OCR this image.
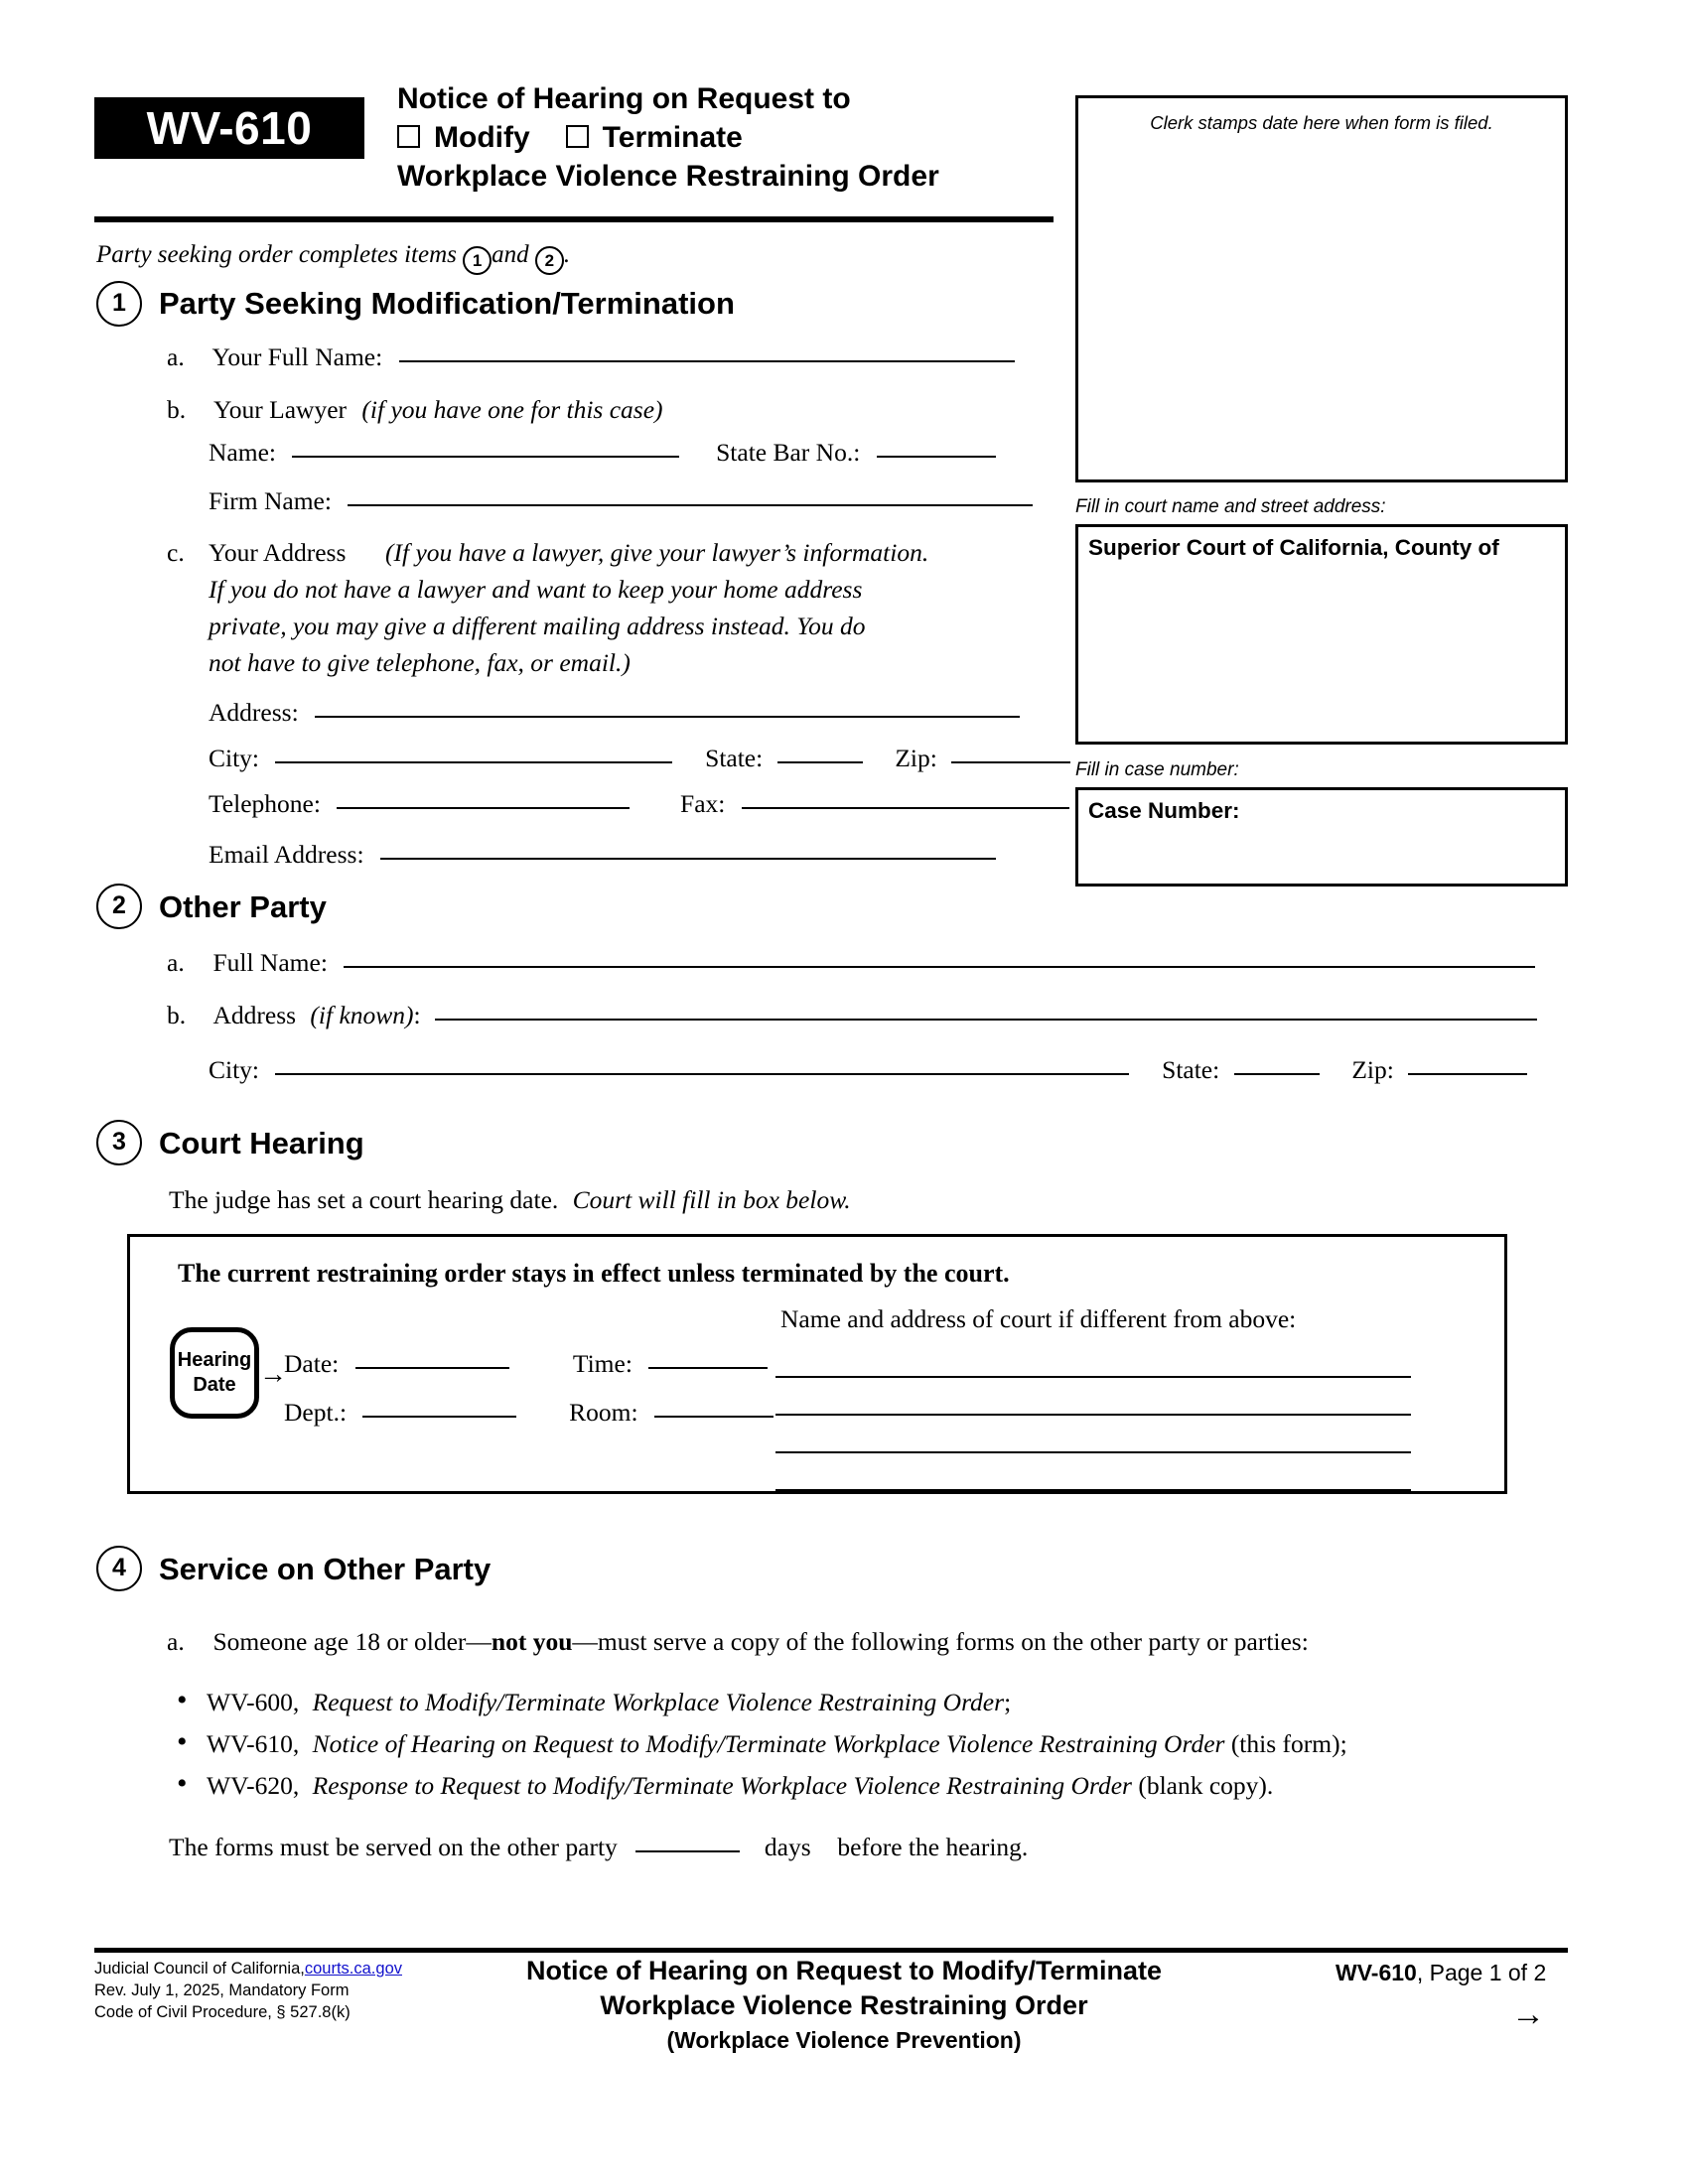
WV-610
Notice of Hearing on Request to
Modify Terminate
Workplace Violence Restraining Order
Clerk stamps date here when form is filed.
Fill in court name and street address:
Superior Court of California, County of
Fill in case number:
Case Number:
Party seeking order completes items 1 and 2 .
1	Party Seeking Modification/Termination
a. Your Full Name:
b. Your Lawyer (if you have one for this case)
Name:	State Bar No.:
Firm Name:
c. Your Address (If you have a lawyer, give your lawyer’s information.
If you do not have a lawyer and want to keep your home address
private, you may give a different mailing address instead. You do
not have to give telephone, fax, or email.)
Address:
City:	State:	Zip:
Telephone:	Fax:
Email Address:
2	Other Party
a. Full Name:
b. Address (if known):
City:	State:	Zip:
3	Court Hearing
The judge has set a court hearing date. Court will fill in box below.
The current restraining order stays in effect unless terminated by the court.
Hearing
Date →
Date:	Time:
Dept.:	Room:
Name and address of court if different from above:
4	Service on Other Party
a. Someone age 18 or older—not you—must serve a copy of the following forms on the other party or parties:
• WV-600, Request to Modify/Terminate Workplace Violence Restraining Order;
• WV-610, Notice of Hearing on Request to Modify/Terminate Workplace Violence Restraining Order (this form);
• WV-620, Response to Request to Modify/Terminate Workplace Violence Restraining Order (blank copy).
The forms must be served on the other party	days before the hearing.
Judicial Council of California,courts.ca.gov
Rev. July 1, 2025, Mandatory Form
Code of Civil Procedure, § 527.8(k)
Notice of Hearing on Request to Modify/Terminate
Workplace Violence Restraining Order
(Workplace Violence Prevention)
WV-610, Page 1 of 2
→
